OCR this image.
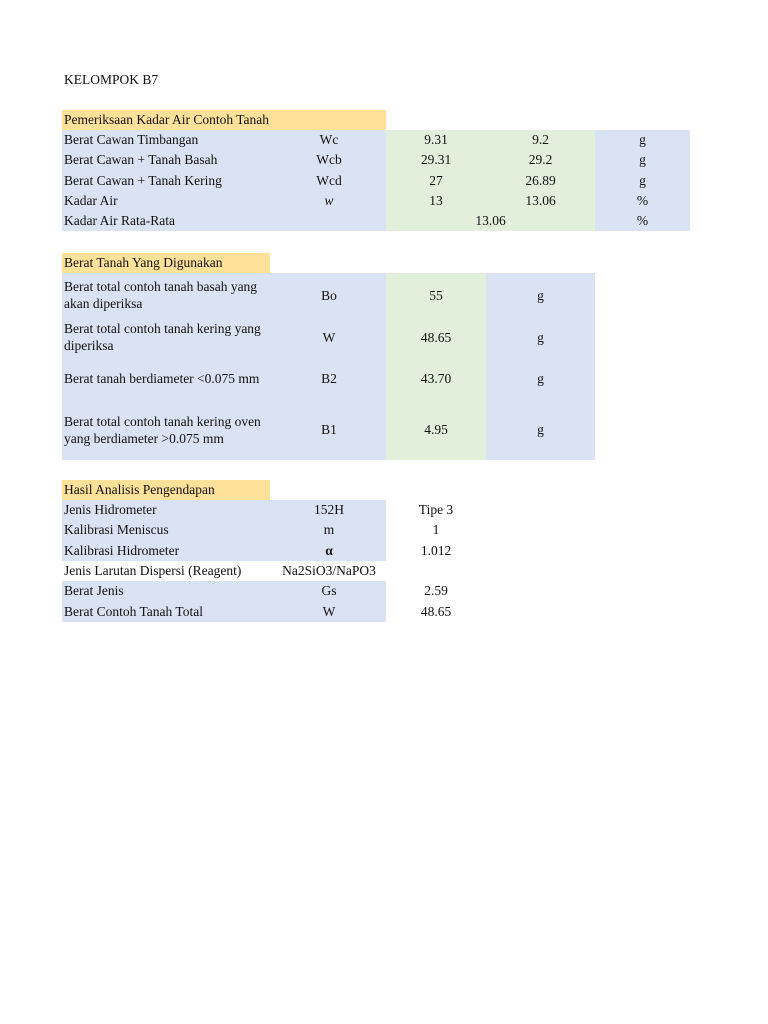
KELOMPOK B7
Pemeriksaan Kadar Air Contoh Tanah
Berat Cawan Timbangan	Wc	9.31	9.2	g
Berat Cawan + Tanah Basah	Wcb	29.31	29.2	g
Berat Cawan + Tanah Kering	Wcd	27	26.89	g
Kadar Air	w	13	13.06	%
Kadar Air Rata-Rata		13.06		%
Berat Tanah Yang Digunakan
Berat total contoh tanah basah yang akan diperiksa	Bo	55	g
Berat total contoh tanah kering yang diperiksa	W	48.65	g
Berat tanah berdiameter <0.075 mm	B2	43.70	g
Berat total contoh tanah kering oven yang berdiameter >0.075 mm	B1	4.95	g
Hasil Analisis Pengendapan
Jenis Hidrometer	152H	Tipe 3
Kalibrasi Meniscus	m	1
Kalibrasi Hidrometer	α	1.012
Jenis Larutan Dispersi (Reagent)	Na2SiO3/NaPO3	
Berat Jenis	Gs	2.59
Berat Contoh Tanah Total	W	48.65
